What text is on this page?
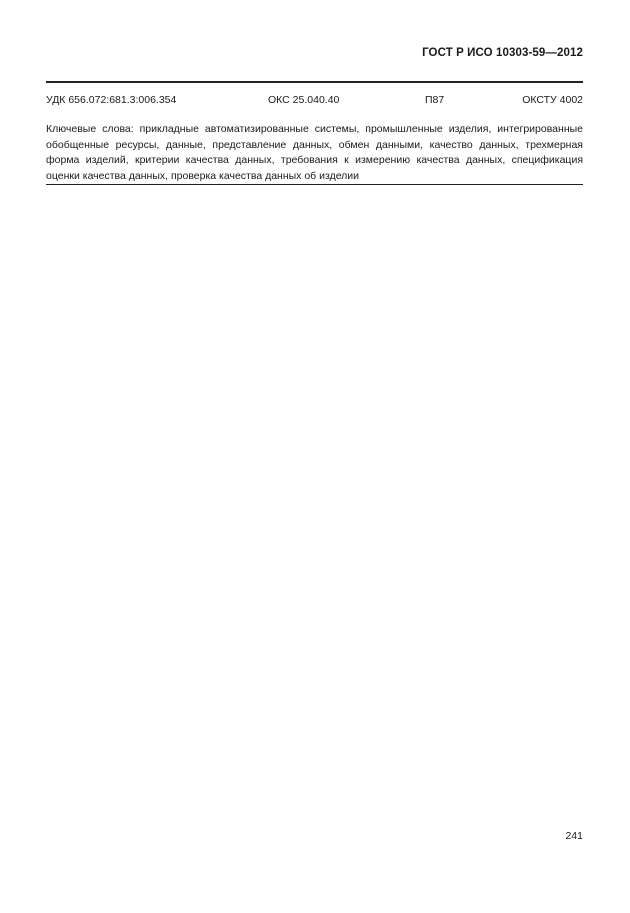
ГОСТ Р ИСО 10303-59—2012
УДК 656.072:681.3:006.354	ОКС 25.040.40	П87	ОКСТУ 4002
Ключевые слова: прикладные автоматизированные системы, промышленные изделия, интегрированные обобщенные ресурсы, данные, представление данных, обмен данными, качество данных, трехмерная форма изделий, критерии качества данных, требования к измерению качества данных, спецификация оценки качества данных, проверка качества данных об изделии
241
